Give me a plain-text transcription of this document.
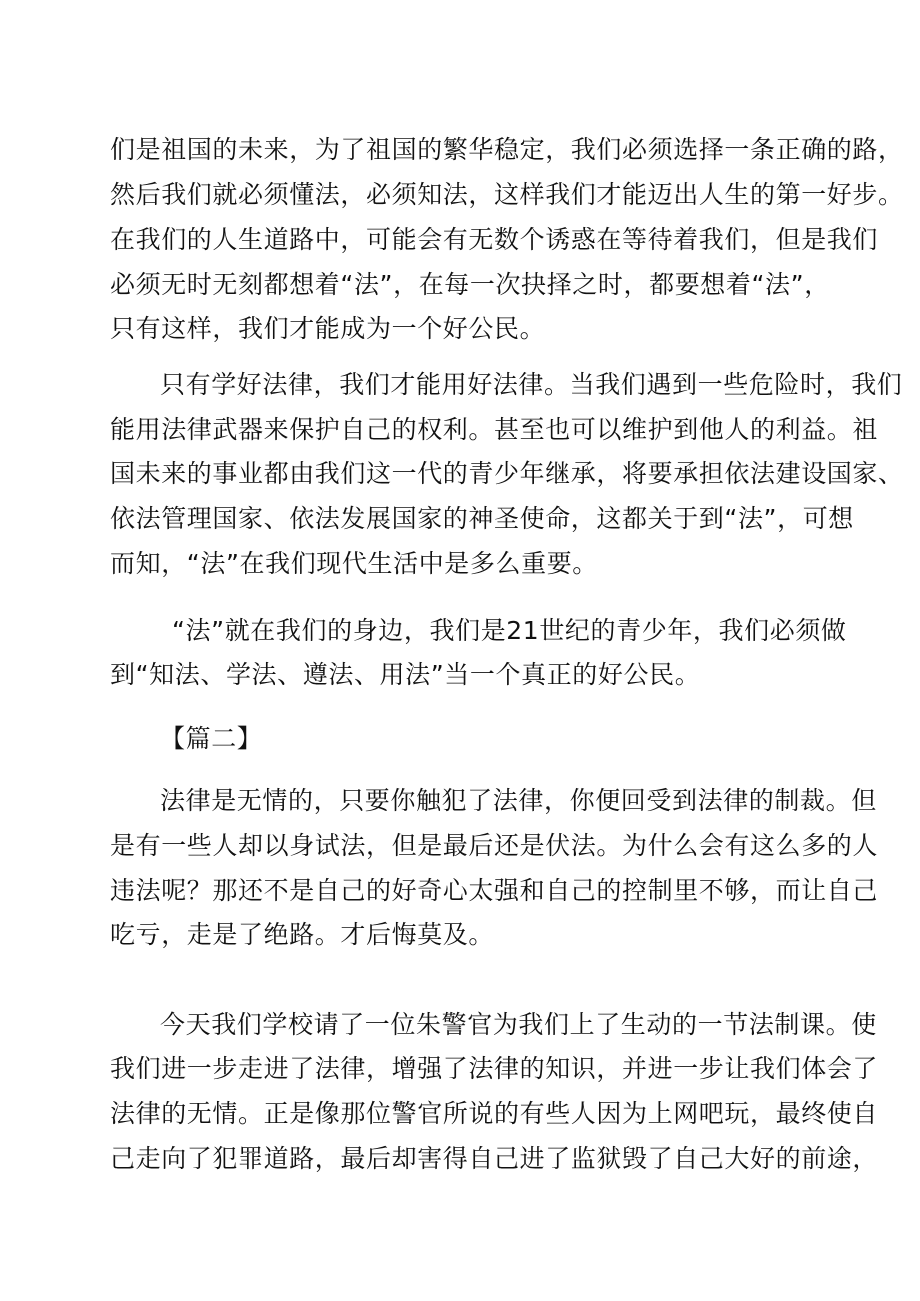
们是祖国的未来，为了祖国的繁华稳定，我们必须选择一条正确的路，
然后我们就必须懂法，必须知法，这样我们才能迈出人生的第一好步。
在我们的人生道路中，可能会有无数个诱惑在等待着我们，但是我们
必须无时无刻都想着“法”，在每一次抉择之时，都要想着“法”，
只有这样，我们才能成为一个好公民。
只有学好法律，我们才能用好法律。当我们遇到一些危险时，我们
能用法律武器来保护自己的权利。甚至也可以维护到他人的利益。祖
国未来的事业都由我们这一代的青少年继承，将要承担依法建设国家、
依法管理国家、依法发展国家的神圣使命，这都关于到“法”，可想
而知，“法”在我们现代生活中是多么重要。
“法”就在我们的身边，我们是21世纪的青少年，我们必须做
到“知法、学法、遵法、用法”当一个真正的好公民。
【篇二】
法律是无情的，只要你触犯了法律，你便回受到法律的制裁。但
是有一些人却以身试法，但是最后还是伏法。为什么会有这么多的人
违法呢？那还不是自己的好奇心太强和自己的控制里不够，而让自己
吃亏，走是了绝路。才后悔莫及。
今天我们学校请了一位朱警官为我们上了生动的一节法制课。使
我们进一步走进了法律，增强了法律的知识，并进一步让我们体会了
法律的无情。正是像那位警官所说的有些人因为上网吧玩，最终使自
己走向了犯罪道路，最后却害得自己进了监狱毁了自己大好的前途，
